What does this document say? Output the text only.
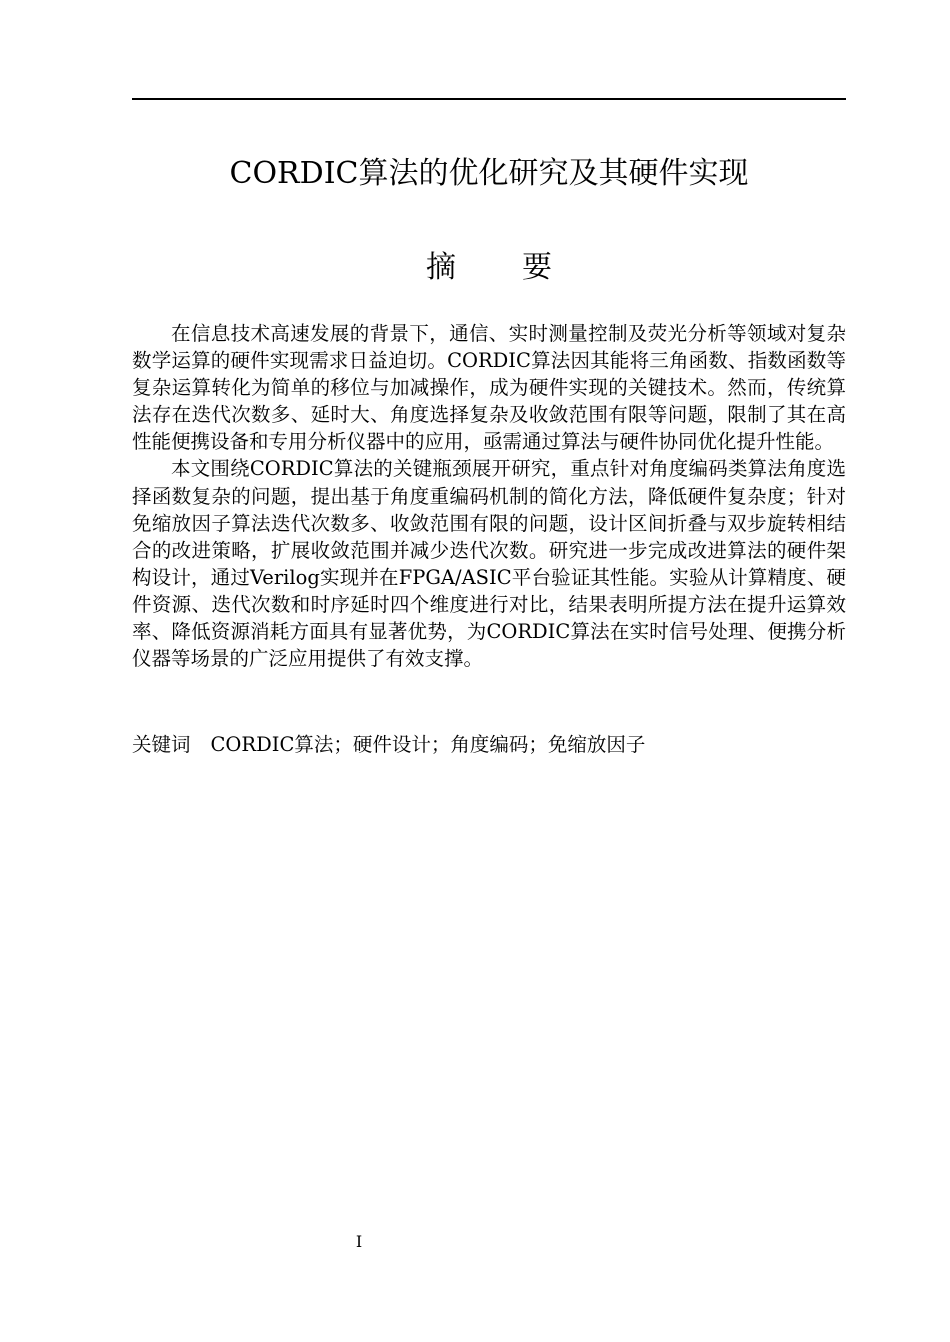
CORDIC算法的优化研究及其硬件实现
摘要

在信息技术高速发展的背景下，通信、实时测量控制及荧光分析等领域对复杂数学运算的硬件实现需求日益迫切。CORDIC算法因其能将三角函数、指数函数等复杂运算转化为简单的移位与加减操作，成为硬件实现的关键技术。然而，传统算法存在迭代次数多、延时大、角度选择复杂及收敛范围有限等问题，限制了其在高性能便携设备和专用分析仪器中的应用，亟需通过算法与硬件协同优化提升性能。

本文围绕CORDIC算法的关键瓶颈展开研究，重点针对角度编码类算法角度选择函数复杂的问题，提出基于角度重编码机制的简化方法，降低硬件复杂度；针对免缩放因子算法迭代次数多、收敛范围有限的问题，设计区间折叠与双步旋转相结合的改进策略，扩展收敛范围并减少迭代次数。研究进一步完成改进算法的硬件架构设计，通过Verilog实现并在FPGA/ASIC平台验证其性能。实验从计算精度、硬件资源、迭代次数和时序延时四个维度进行对比，结果表明所提方法在提升运算效率、降低资源消耗方面具有显著优势，为CORDIC算法在实时信号处理、便携分析仪器等场景的广泛应用提供了有效支撑。

关键词 CORDIC算法；硬件设计；角度编码；免缩放因子
I
